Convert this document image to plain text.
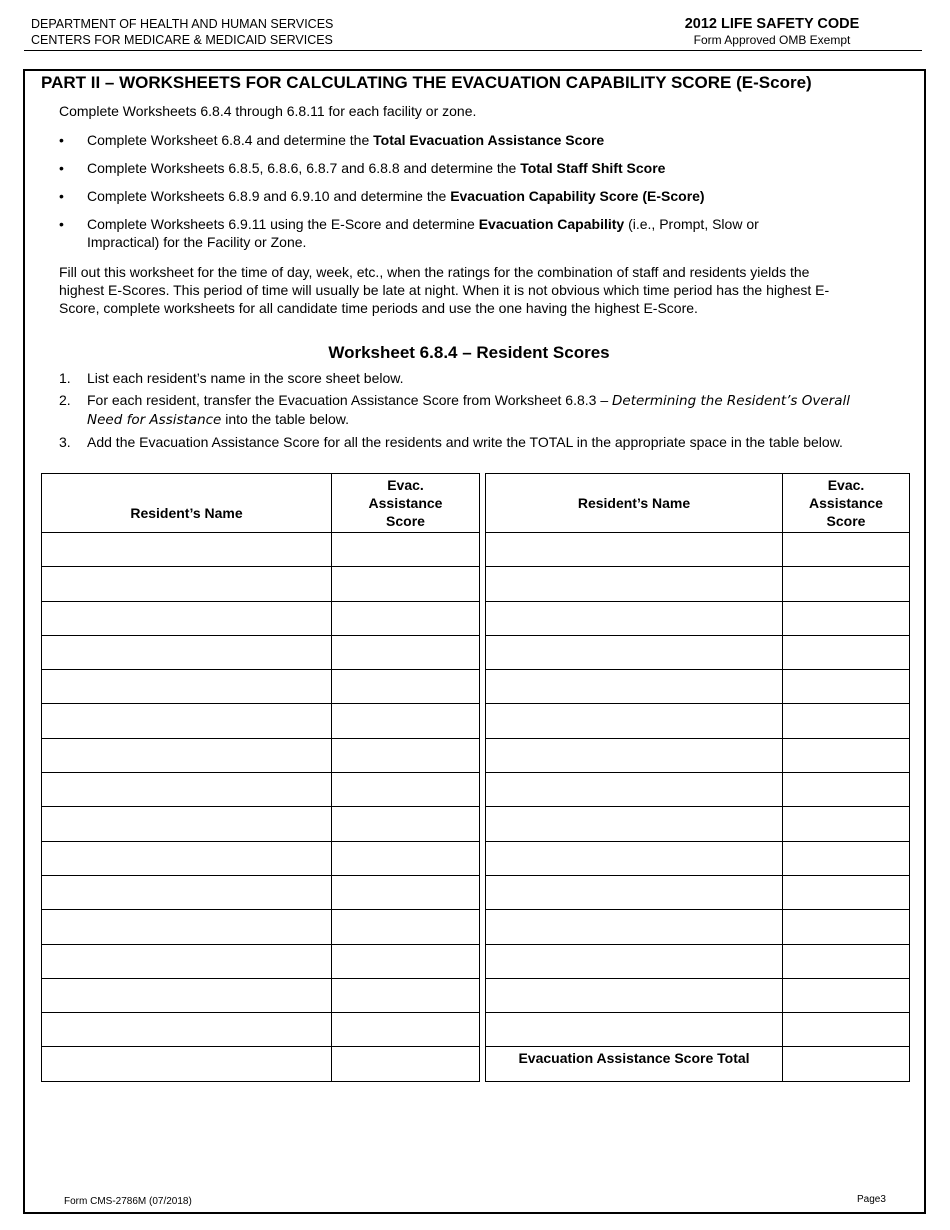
DEPARTMENT OF HEALTH AND HUMAN SERVICES
CENTERS FOR MEDICARE & MEDICAID SERVICES
2012 LIFE SAFETY CODE
Form Approved OMB Exempt
PART II – WORKSHEETS FOR CALCULATING THE EVACUATION CAPABILITY SCORE (E-Score)
Complete Worksheets 6.8.4 through 6.8.11 for each facility or zone.
• Complete Worksheet 6.8.4 and determine the Total Evacuation Assistance Score
• Complete Worksheets 6.8.5, 6.8.6, 6.8.7 and 6.8.8 and determine the Total Staff Shift Score
• Complete Worksheets 6.8.9 and 6.9.10 and determine the Evacuation Capability Score (E-Score)
• Complete Worksheets 6.9.11 using the E-Score and determine Evacuation Capability (i.e., Prompt, Slow or Impractical) for the Facility or Zone.
Fill out this worksheet for the time of day, week, etc., when the ratings for the combination of staff and residents yields the highest E-Scores. This period of time will usually be late at night. When it is not obvious which time period has the highest E-Score, complete worksheets for all candidate time periods and use the one having the highest E-Score.
Worksheet 6.8.4 – Resident Scores
1. List each resident’s name in the score sheet below.
2. For each resident, transfer the Evacuation Assistance Score from Worksheet 6.8.3 – Determining the Resident’s Overall Need for Assistance into the table below.
3. Add the Evacuation Assistance Score for all the residents and write the TOTAL in the appropriate space in the table below.
Resident’s Name	Evac. Assistance Score

Resident’s Name	Evac. Assistance Score

Evacuation Assistance Score Total	
Form CMS-2786M (07/2018)	Page3
